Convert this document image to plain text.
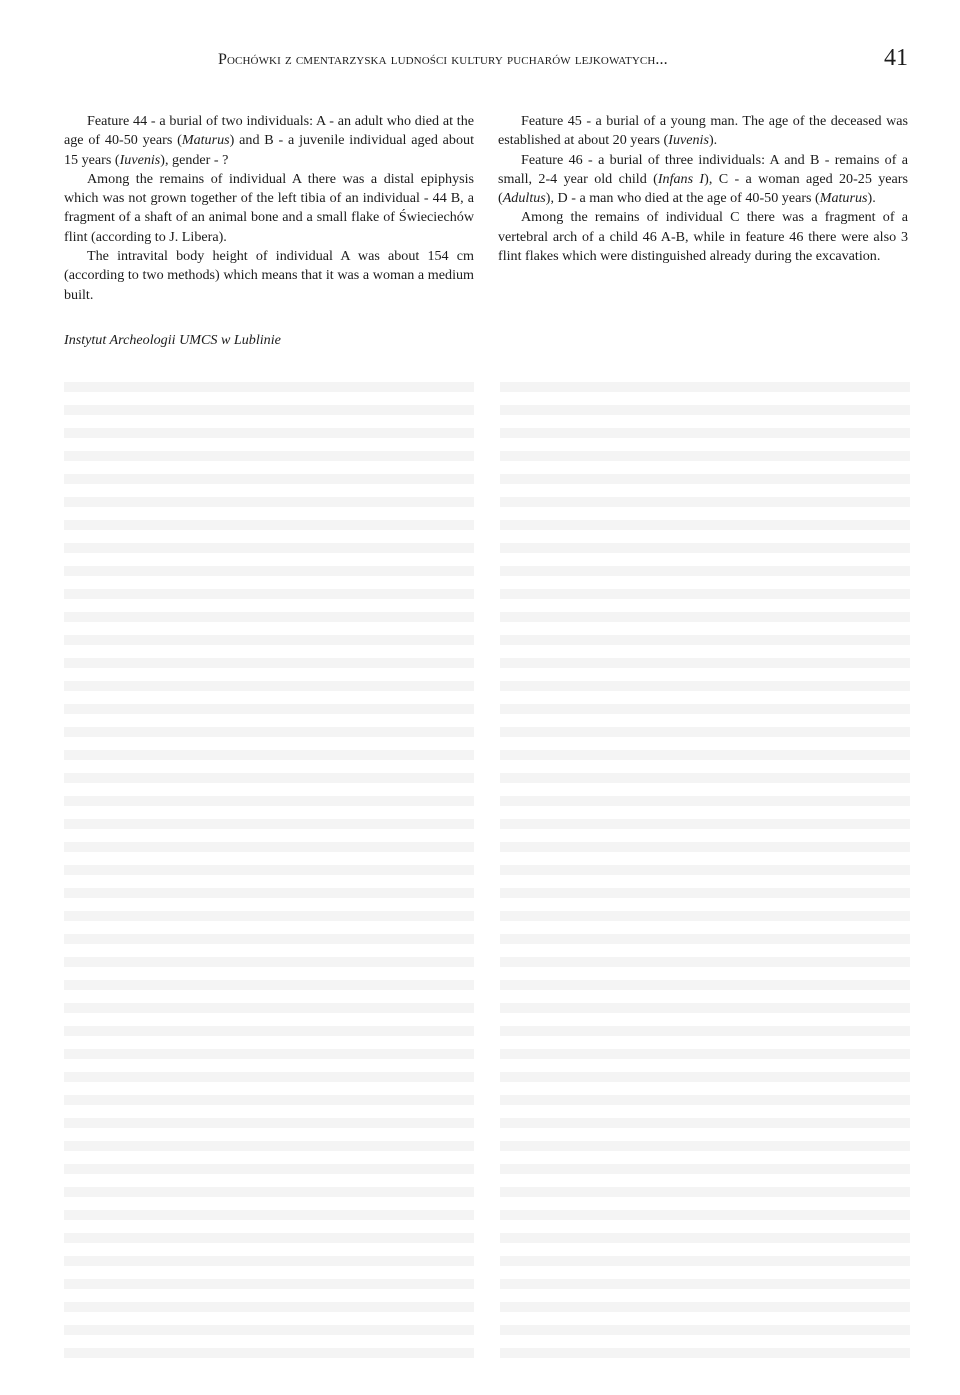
Pochówki z cmentarzyska ludności kultury pucharów lejkowatych...	41

Feature 44 - a burial of two individuals: A - an adult who died at the age of 40-50 years (Maturus) and B - a juvenile individual aged about 15 years (Iuvenis), gender - ?

Among the remains of individual A there was a distal epiphysis which was not grown together of the left tibia of an individual - 44 B, a fragment of a shaft of an animal bone and a small flake of Świeciechów flint (according to J. Libera).

The intravital body height of individual A was about 154 cm (according to two methods) which means that it was a woman a medium built.

Feature 45 - a burial of a young man. The age of the deceased was established at about 20 years (Iuvenis).

Feature 46 - a burial of three individuals: A and B - remains of a small, 2-4 year old child (Infans I), C - a woman aged 20-25 years (Adultus), D - a man who died at the age of 40-50 years (Maturus).

Among the remains of individual C there was a fragment of a vertebral arch of a child 46 A-B, while in feature 46 there were also 3 flint flakes which were distinguished already during the excavation.

Instytut Archeologii UMCS w Lublinie
